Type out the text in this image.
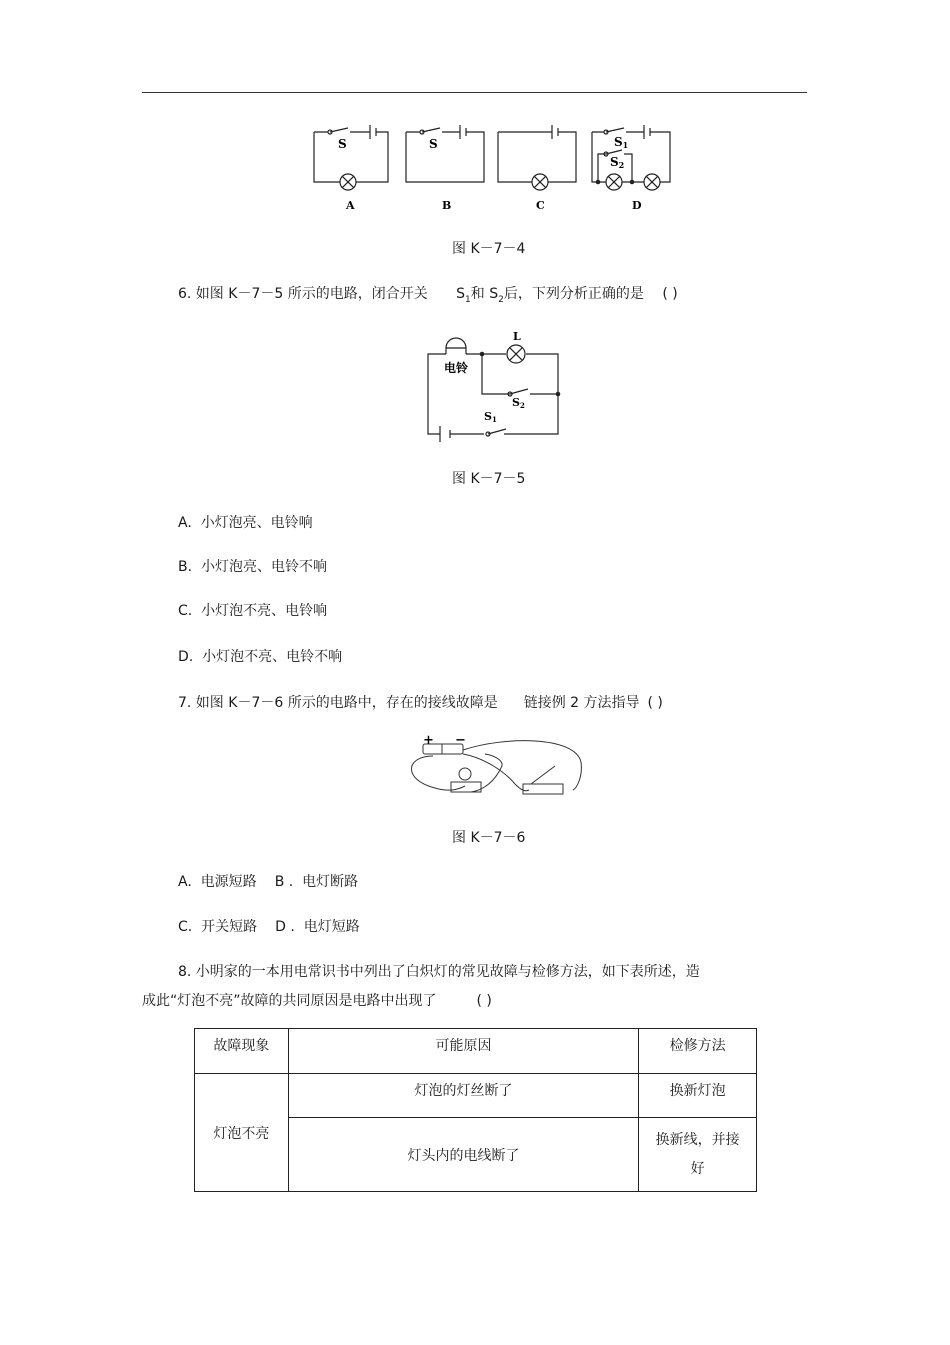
S	S	S1
S2
A	B	C	D
图 K－7－4
6. 如图 K－7－5 所示的电路，闭合开关 $S_1$和 $S_2$后，下列分析正确的是 ( )
电铃
L
S2
S1
图 K－7－5
A. 小灯泡亮、电铃响
B. 小灯泡亮、电铃不响
C. 小灯泡不亮、电铃响
D. 小灯泡不亮、电铃不响
7. 如图 K－7－6 所示的电路中，存在的接线故障是 链接例 2 方法指导 ( )
+ −
图 K－7－6
A. 电源短路 B . 电灯断路
C. 开关短路 D . 电灯短路
8. 小明家的一本用电常识书中列出了白炽灯的常见故障与检修方法，如下表所述，造
成此“灯泡不亮”故障的共同原因是电路中出现了	( )
故障现象	可能原因	检修方法
灯泡不亮	灯泡的灯丝断了	换新灯泡
	灯头内的电线断了	换新线，并接
好
